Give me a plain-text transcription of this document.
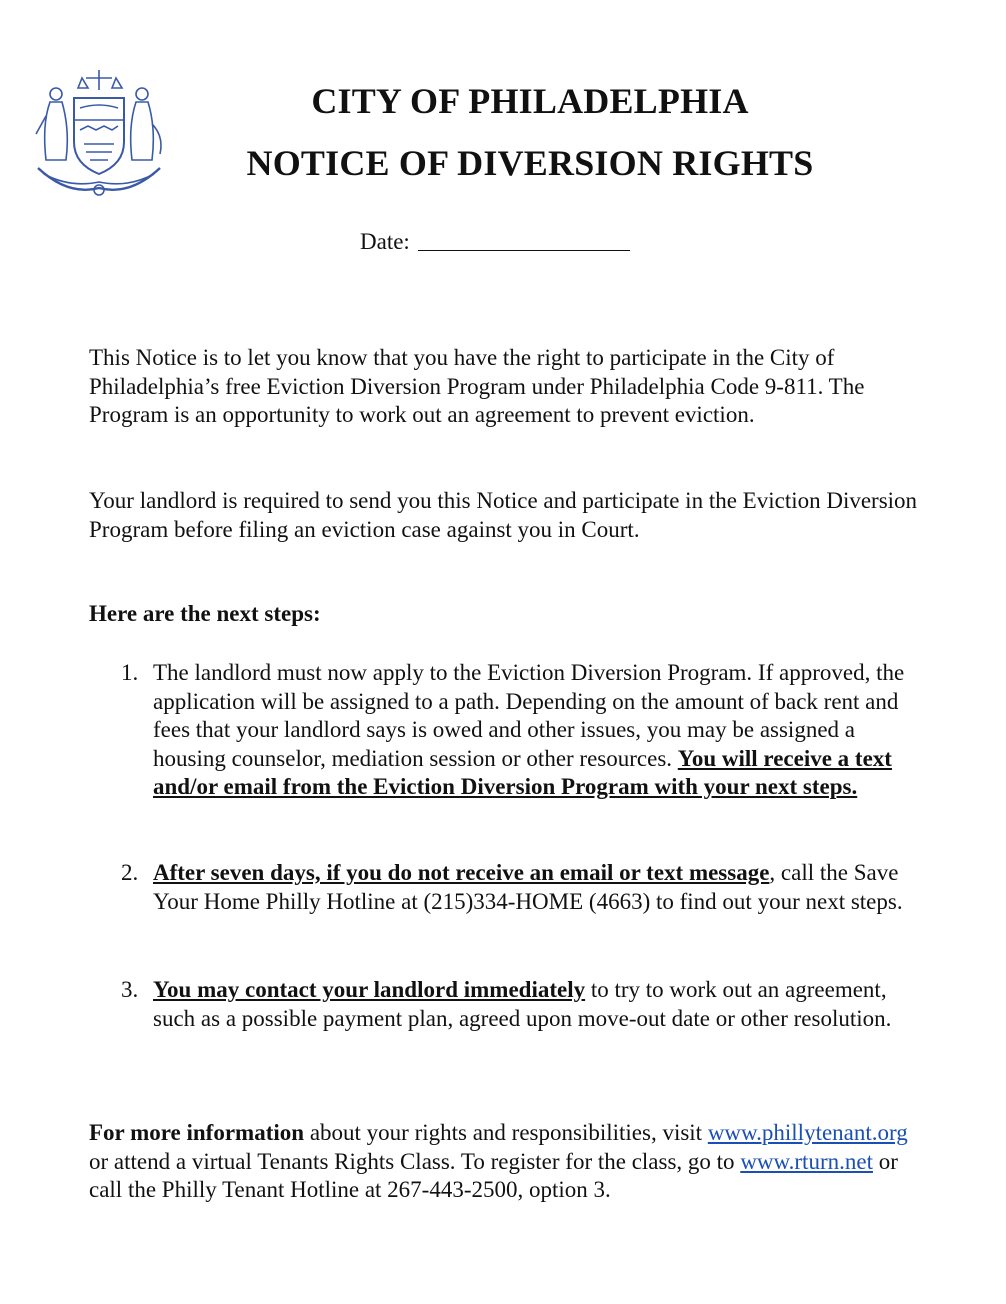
CITY OF PHILADELPHIA
NOTICE OF DIVERSION RIGHTS
Date:
This Notice is to let you know that you have the right to participate in the City of Philadelphia’s free Eviction Diversion Program under Philadelphia Code 9-811. The Program is an opportunity to work out an agreement to prevent eviction.
Your landlord is required to send you this Notice and participate in the Eviction Diversion Program before filing an eviction case against you in Court.
Here are the next steps:
1. The landlord must now apply to the Eviction Diversion Program. If approved, the application will be assigned to a path. Depending on the amount of back rent and fees that your landlord says is owed and other issues, you may be assigned a housing counselor, mediation session or other resources. You will receive a text and/or email from the Eviction Diversion Program with your next steps.
2. After seven days, if you do not receive an email or text message, call the Save Your Home Philly Hotline at (215)334-HOME (4663) to find out your next steps.
3. You may contact your landlord immediately to try to work out an agreement, such as a possible payment plan, agreed upon move-out date or other resolution.
For more information about your rights and responsibilities, visit www.phillytenant.org or attend a virtual Tenants Rights Class. To register for the class, go to www.rturn.net or call the Philly Tenant Hotline at 267-443-2500, option 3.
